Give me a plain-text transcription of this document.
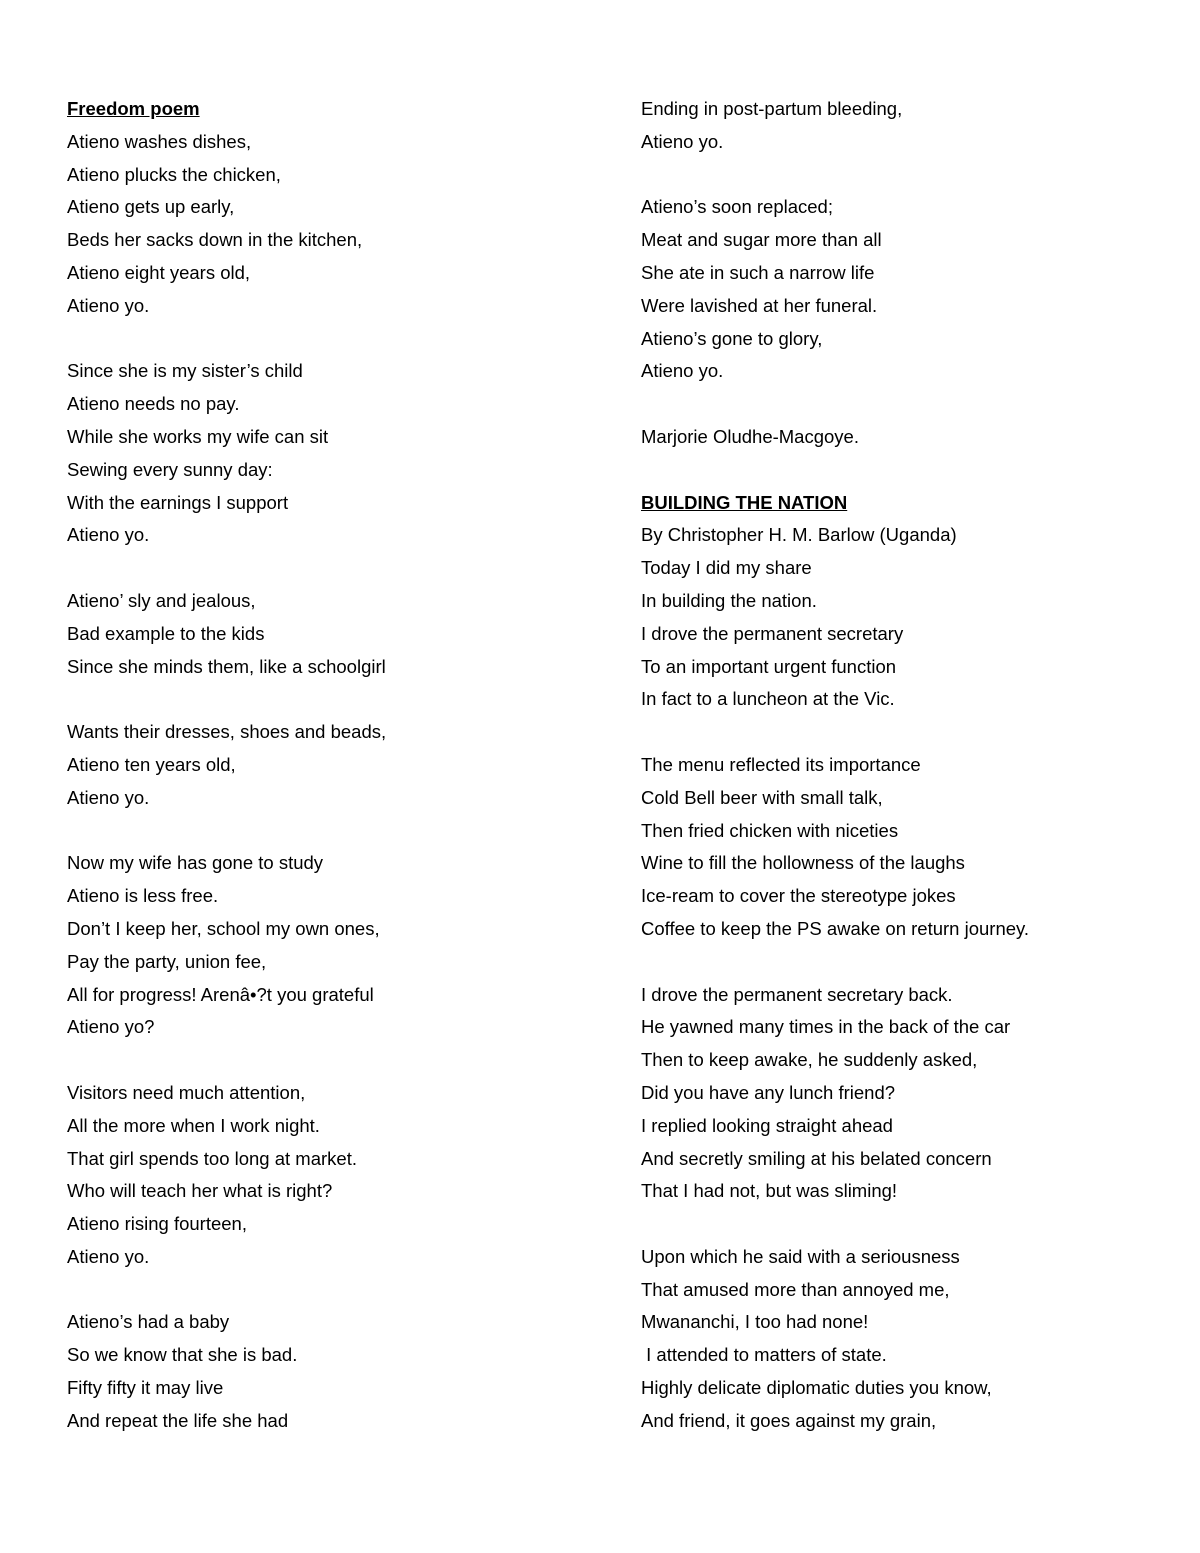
Freedom poem
Atieno washes dishes,
Atieno plucks the chicken,
Atieno gets up early,
Beds her sacks down in the kitchen,
Atieno eight years old,
Atieno yo.
Since she is my sister’s child
Atieno needs no pay.
While she works my wife can sit
Sewing every sunny day:
With the earnings I support
Atieno yo.
Atieno’ sly and jealous,
Bad example to the kids
Since she minds them, like a schoolgirl
Wants their dresses, shoes and beads,
Atieno ten years old,
Atieno yo.
Now my wife has gone to study
Atieno is less free.
Don’t I keep her, school my own ones,
Pay the party, union fee,
All for progress! Arenâ•?t you grateful
Atieno yo?
Visitors need much attention,
All the more when I work night.
That girl spends too long at market.
Who will teach her what is right?
Atieno rising fourteen,
Atieno yo.
Atieno’s had a baby
So we know that she is bad.
Fifty fifty it may live
And repeat the life she had
Ending in post-partum bleeding,
Atieno yo.
Atieno’s soon replaced;
Meat and sugar more than all
She ate in such a narrow life
Were lavished at her funeral.
Atieno’s gone to glory,
Atieno yo.
Marjorie Oludhe-Macgoye.
BUILDING THE NATION
By Christopher H. M. Barlow (Uganda)
Today I did my share
In building the nation.
I drove the permanent secretary
To an important urgent function
In fact to a luncheon at the Vic.
The menu reflected its importance
Cold Bell beer with small talk,
Then fried chicken with niceties
Wine to fill the hollowness of the laughs
Ice-ream to cover the stereotype jokes
Coffee to keep the PS awake on return journey.
I drove the permanent secretary back.
He yawned many times in the back of the car
Then to keep awake, he suddenly asked,
Did you have any lunch friend?
I replied looking straight ahead
And secretly smiling at his belated concern
That I had not, but was sliming!
Upon which he said with a seriousness
That amused more than annoyed me,
Mwananchi, I too had none!
I attended to matters of state.
Highly delicate diplomatic duties you know,
And friend, it goes against my grain,
